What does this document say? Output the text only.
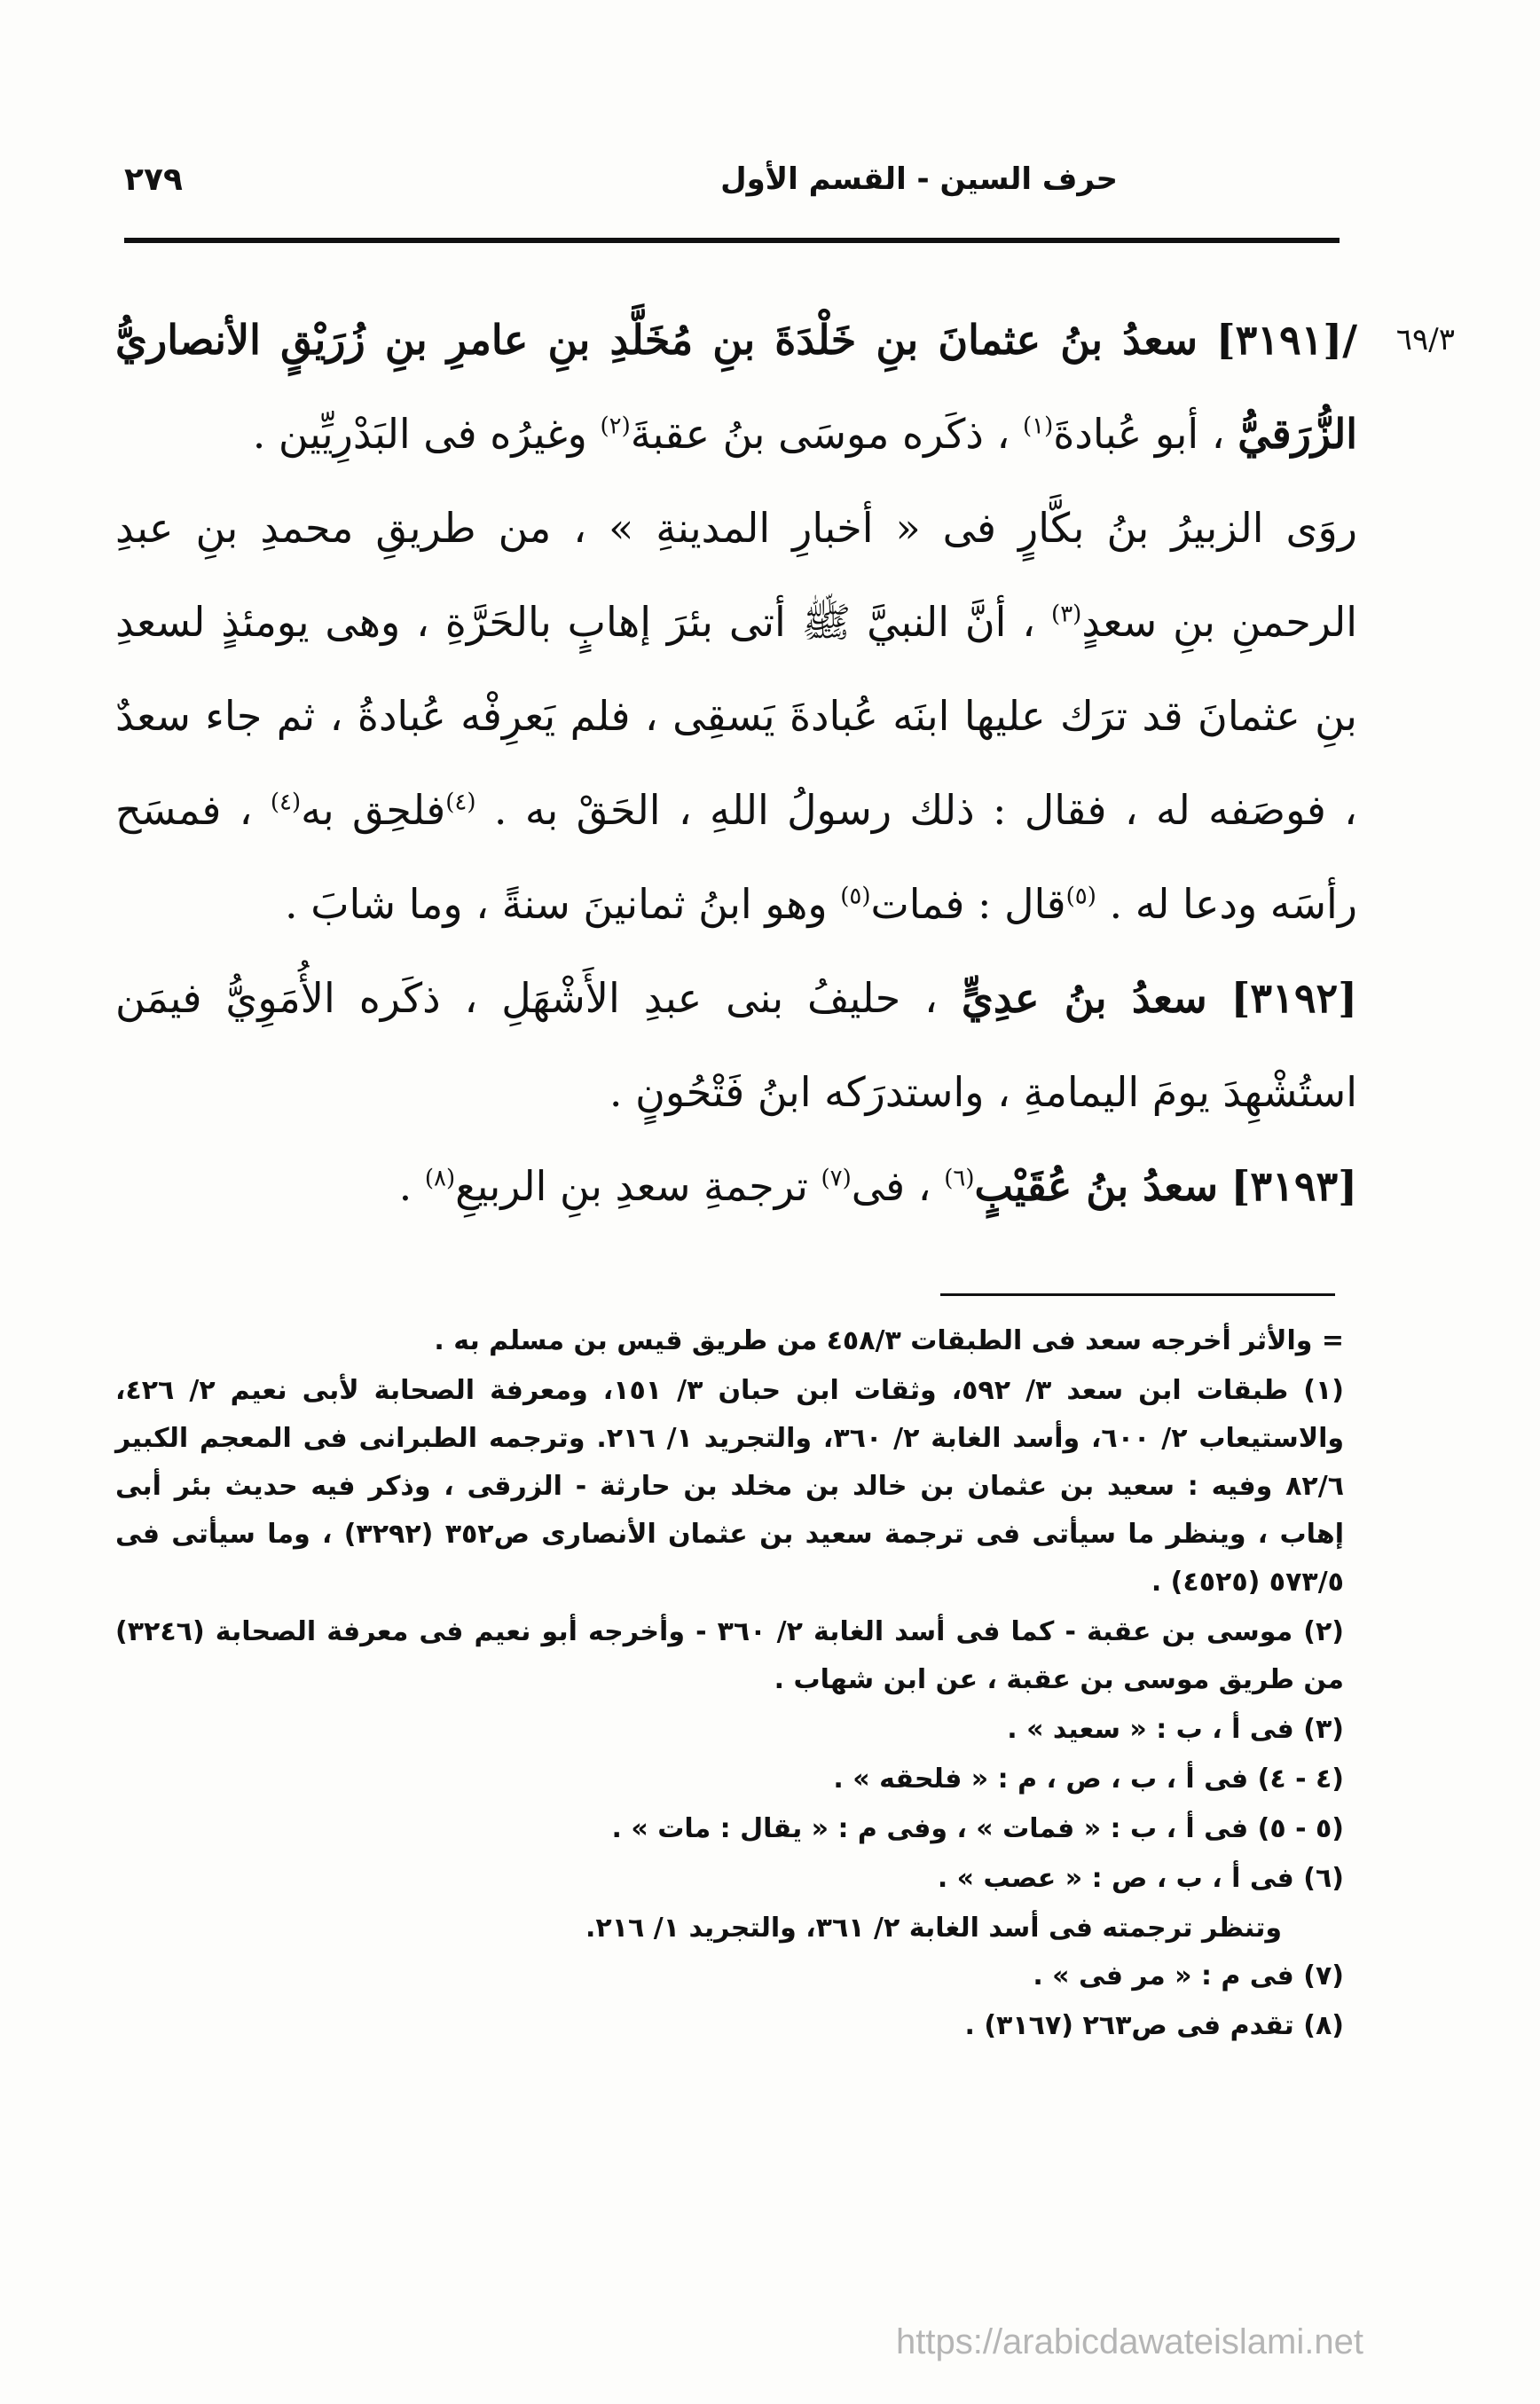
حرف السين - القسم الأول
٢٧٩

٦٩/٣
/[٣١٩١] سعدُ بنُ عثمانَ بنِ خَلْدَةَ بنِ مُخَلَّدِ بنِ عامرِ بنِ زُرَيْقٍ الأنصاريُّ الزُّرَقيُّ ، أبو عُبادةَ$^{(١)}$ ، ذكَره موسَى بنُ عقبةَ$^{(٢)}$ وغيرُه فى البَدْرِيِّين .

روَى الزبيرُ بنُ بكَّارٍ فى « أخبارِ المدينةِ » ، من طريقِ محمدِ بنِ عبدِ الرحمنِ بنِ سعدٍ$^{(٣)}$ ، أنَّ النبيَّ ﷺ أتى بئرَ إهابٍ بالحَرَّةِ ، وهى يومئذٍ لسعدِ بنِ عثمانَ قد ترَك عليها ابنَه عُبادةَ يَسقِى ، فلم يَعرِفْه عُبادةُ ، ثم جاء سعدٌ ، فوصَفه له ، فقال : ذلك رسولُ اللهِ ، الحَقْ به . $^{(٤)}$فلحِق به$^{(٤)}$ ، فمسَح رأسَه ودعا له . $^{(٥)}$قال : فمات$^{(٥)}$ وهو ابنُ ثمانينَ سنةً ، وما شابَ .

[٣١٩٢] سعدُ بنُ عدِيٍّ ، حليفُ بنى عبدِ الأَشْهَلِ ، ذكَره الأُمَوِيُّ فيمَن استُشْهِدَ يومَ اليمامةِ ، واستدرَكه ابنُ فَتْحُونٍ .

[٣١٩٣] سعدُ بنُ عُقَيْبٍ$^{(٦)}$ ، فى$^{(٧)}$ ترجمةِ سعدِ بنِ الربيعِ$^{(٨)}$ .

= والأثر أخرجه سعد فى الطبقات ٤٥٨/٣ من طريق قيس بن مسلم به .

(١) طبقات ابن سعد ٣/ ٥٩٢، وثقات ابن حبان ٣/ ١٥١، ومعرفة الصحابة لأبى نعيم ٢/ ٤٢٦، والاستيعاب ٢/ ٦٠٠، وأسد الغابة ٢/ ٣٦٠، والتجريد ١/ ٢١٦. وترجمه الطبرانى فى المعجم الكبير ٨٢/٦ وفيه : سعيد بن عثمان بن خالد بن مخلد بن حارثة - الزرقى ، وذكر فيه حديث بئر أبى إهاب ، وينظر ما سيأتى فى ترجمة سعيد بن عثمان الأنصارى ص٣٥٢ (٣٢٩٢) ، وما سيأتى فى ٥٧٣/٥ (٤٥٢٥) .

(٢) موسى بن عقبة - كما فى أسد الغابة ٢/ ٣٦٠ - وأخرجه أبو نعيم فى معرفة الصحابة (٣٢٤٦) من طريق موسى بن عقبة ، عن ابن شهاب .

(٣) فى أ ، ب : « سعيد » .

(٤ - ٤) فى أ ، ب ، ص ، م : « فلحقه » .

(٥ - ٥) فى أ ، ب : « فمات » ، وفى م : « يقال : مات » .

(٦) فى أ ، ب ، ص : « عصب » .

وتنظر ترجمته فى أسد الغابة ٢/ ٣٦١، والتجريد ١/ ٢١٦.

(٧) فى م : « مر فى » .

(٨) تقدم فى ص٢٦٣ (٣١٦٧) .

https://arabicdawateislami.net
